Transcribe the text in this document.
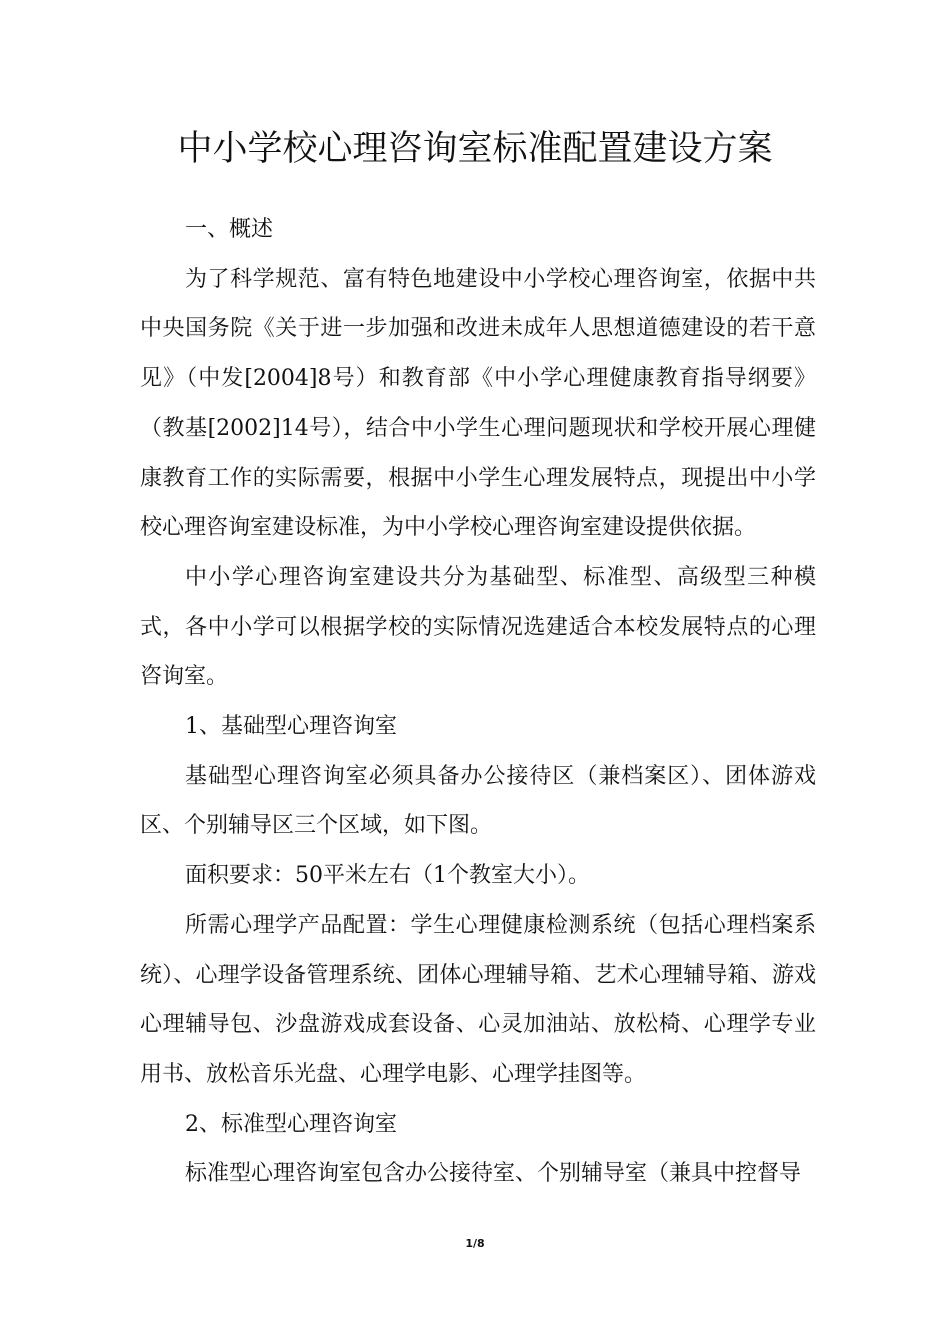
中小学校心理咨询室标准配置建设方案

一、概述

为了科学规范、富有特色地建设中小学校心理咨询室，依据中共中央国务院《关于进一步加强和改进未成年人思想道德建设的若干意见》（中发[2004]8号）和教育部《中小学心理健康教育指导纲要》（教基[2002]14号），结合中小学生心理问题现状和学校开展心理健康教育工作的实际需要，根据中小学生心理发展特点，现提出中小学校心理咨询室建设标准，为中小学校心理咨询室建设提供依据。

中小学心理咨询室建设共分为基础型、标准型、高级型三种模式，各中小学可以根据学校的实际情况选建适合本校发展特点的心理咨询室。

1、基础型心理咨询室

基础型心理咨询室必须具备办公接待区（兼档案区）、团体游戏区、个别辅导区三个区域，如下图。

面积要求：50平米左右（1个教室大小）。

所需心理学产品配置：学生心理健康检测系统（包括心理档案系统）、心理学设备管理系统、团体心理辅导箱、艺术心理辅导箱、游戏心理辅导包、沙盘游戏成套设备、心灵加油站、放松椅、心理学专业用书、放松音乐光盘、心理学电影、心理学挂图等。

2、标准型心理咨询室

标准型心理咨询室包含办公接待室、个别辅导室（兼具中控督导

1/8
